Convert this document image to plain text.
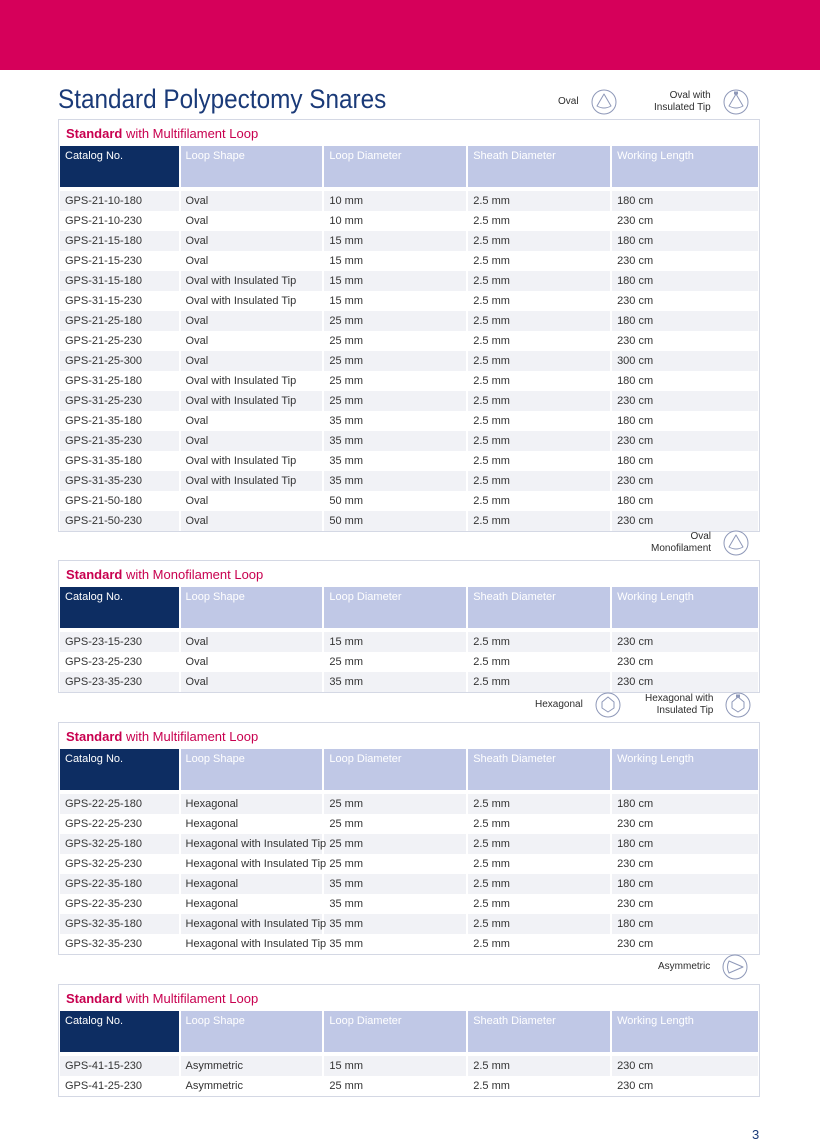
Standard Polypectomy Snares	Oval
Oval with
Insulated Tip
Standard with Multifilament Loop
Catalog No.	Loop Shape	Loop Diameter	Sheath Diameter	Working Length

GPS-21-10-180	Oval	10 mm	2.5 mm	180 cm
GPS-21-10-230	Oval	10 mm	2.5 mm	230 cm
GPS-21-15-180	Oval	15 mm	2.5 mm	180 cm
GPS-21-15-230	Oval	15 mm	2.5 mm	230 cm
GPS-31-15-180	Oval with Insulated Tip	15 mm	2.5 mm	180 cm
GPS-31-15-230	Oval with Insulated Tip	15 mm	2.5 mm	230 cm
GPS-21-25-180	Oval	25 mm	2.5 mm	180 cm
GPS-21-25-230	Oval	25 mm	2.5 mm	230 cm
GPS-21-25-300	Oval	25 mm	2.5 mm	300 cm
GPS-31-25-180	Oval with Insulated Tip	25 mm	2.5 mm	180 cm
GPS-31-25-230	Oval with Insulated Tip	25 mm	2.5 mm	230 cm
GPS-21-35-180	Oval	35 mm	2.5 mm	180 cm
GPS-21-35-230	Oval	35 mm	2.5 mm	230 cm
GPS-31-35-180	Oval with Insulated Tip	35 mm	2.5 mm	180 cm
GPS-31-35-230	Oval with Insulated Tip	35 mm	2.5 mm	230 cm
GPS-21-50-180	Oval	50 mm	2.5 mm	180 cm
GPS-21-50-230	Oval	50 mm	2.5 mm	230 cm
Oval
Monofilament
Standard with Monofilament Loop
Catalog No.	Loop Shape	Loop Diameter	Sheath Diameter	Working Length

GPS-23-15-230	Oval	15 mm	2.5 mm	230 cm
GPS-23-25-230	Oval	25 mm	2.5 mm	230 cm
GPS-23-35-230	Oval	35 mm	2.5 mm	230 cm
Hexagonal
Hexagonal with
Insulated Tip
Standard with Multifilament Loop
Catalog No.	Loop Shape	Loop Diameter	Sheath Diameter	Working Length

GPS-22-25-180	Hexagonal	25 mm	2.5 mm	180 cm
GPS-22-25-230	Hexagonal	25 mm	2.5 mm	230 cm
GPS-32-25-180	Hexagonal with Insulated Tip	25 mm	2.5 mm	180 cm
GPS-32-25-230	Hexagonal with Insulated Tip	25 mm	2.5 mm	230 cm
GPS-22-35-180	Hexagonal	35 mm	2.5 mm	180 cm
GPS-22-35-230	Hexagonal	35 mm	2.5 mm	230 cm
GPS-32-35-180	Hexagonal with Insulated Tip	35 mm	2.5 mm	180 cm
GPS-32-35-230	Hexagonal with Insulated Tip	35 mm	2.5 mm	230 cm
Asymmetric
Standard with Multifilament Loop
Catalog No.	Loop Shape	Loop Diameter	Sheath Diameter	Working Length

GPS-41-15-230	Asymmetric	15 mm	2.5 mm	230 cm
GPS-41-25-230	Asymmetric	25 mm	2.5 mm	230 cm
3
